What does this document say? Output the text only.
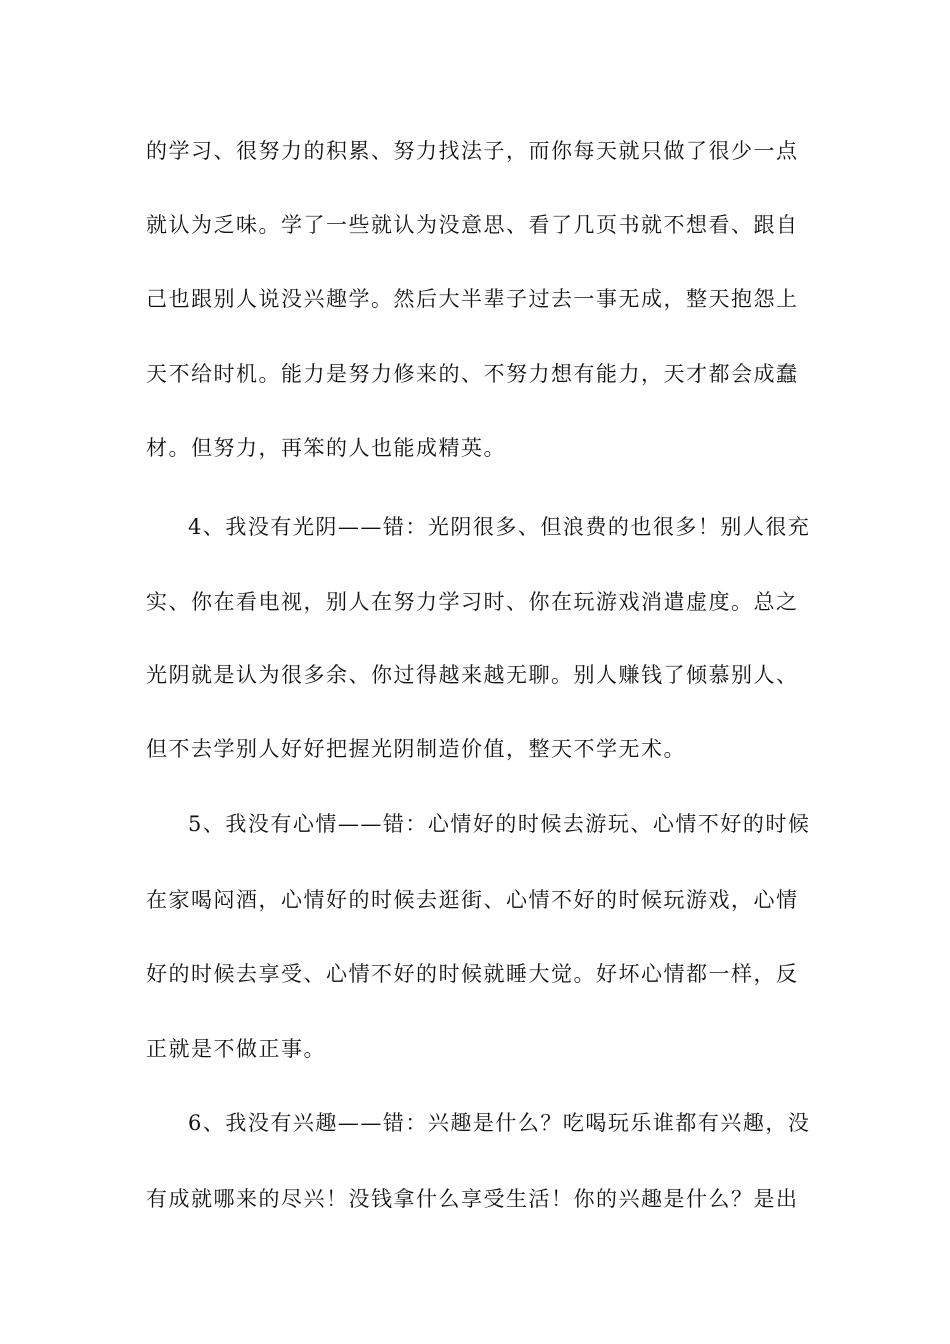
的学习、很努力的积累、努力找法子，而你每天就只做了很少一点
就认为乏味。学了一些就认为没意思、看了几页书就不想看、跟自
己也跟别人说没兴趣学。然后大半辈子过去一事无成，整天抱怨上
天不给时机。能力是努力修来的、不努力想有能力，天才都会成蠢
材。但努力，再笨的人也能成精英。
4、我没有光阴——错：光阴很多、但浪费的也很多！别人很充
实、你在看电视，别人在努力学习时、你在玩游戏消遣虚度。总之
光阴就是认为很多余、你过得越来越无聊。别人赚钱了倾慕别人、
但不去学别人好好把握光阴制造价值，整天不学无术。
5、我没有心情——错：心情好的时候去游玩、心情不好的时候
在家喝闷酒，心情好的时候去逛街、心情不好的时候玩游戏，心情
好的时候去享受、心情不好的时候就睡大觉。好坏心情都一样，反
正就是不做正事。
6、我没有兴趣——错：兴趣是什么？吃喝玩乐谁都有兴趣，没
有成就哪来的尽兴！没钱拿什么享受生活！你的兴趣是什么？是出
